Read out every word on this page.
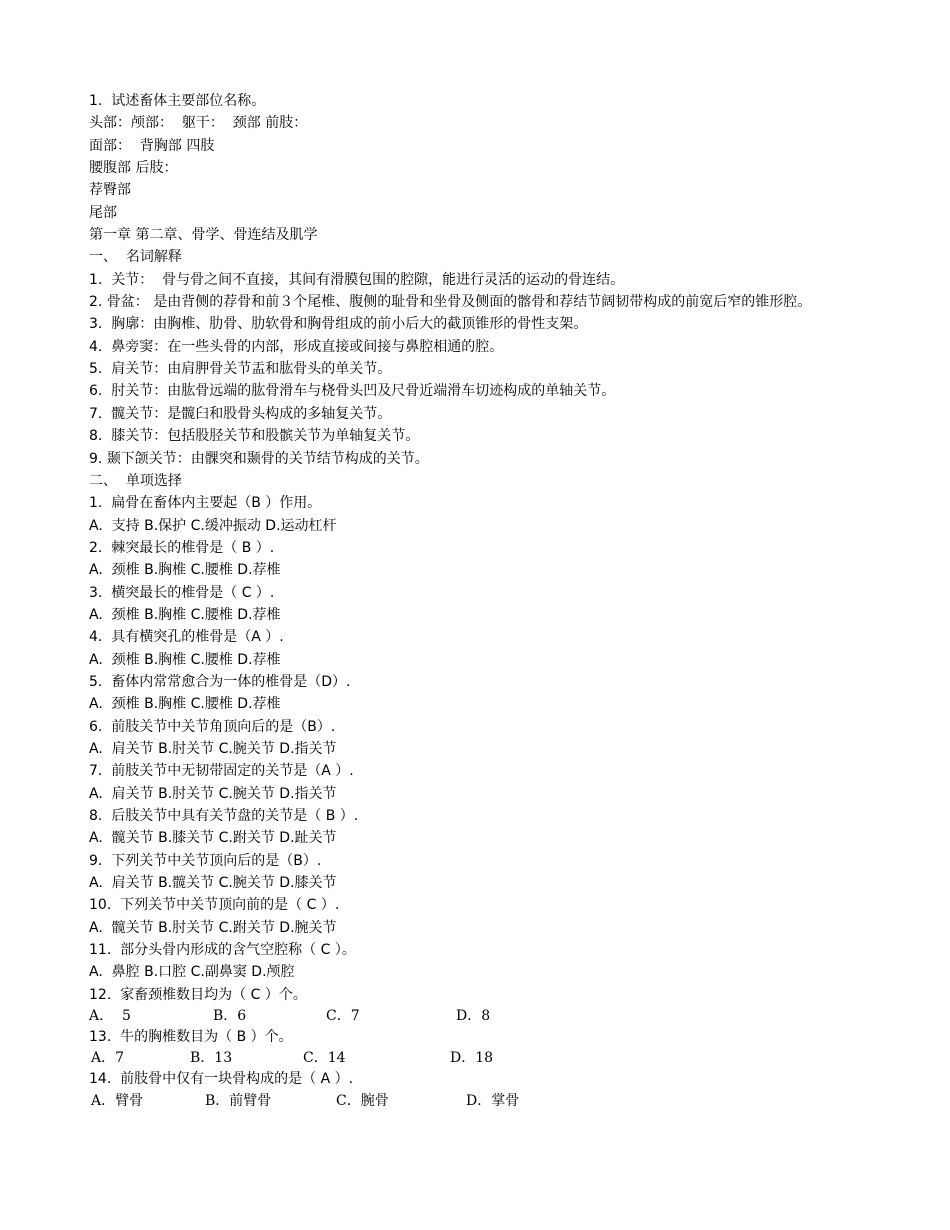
1.  试述畜体主要部位名称。
头部：颅部：  躯干：  颈部 前肢：
面部：  背胸部 四肢
腰腹部 后肢：
荐臀部
尾部
第一章 第二章、骨学、骨连结及肌学
一、  名词解释
1.  关节：  骨与骨之间不直接，其间有滑膜包围的腔隙，能进行灵活的运动的骨连结。
2. 骨盆： 是由背侧的荐骨和前３个尾椎、腹侧的耻骨和坐骨及侧面的髂骨和荐结节阔韧带构成的前宽后窄的锥形腔。
3.  胸廓：由胸椎、肋骨、肋软骨和胸骨组成的前小后大的截顶锥形的骨性支架。
4.  鼻旁窦：在一些头骨的内部，形成直接或间接与鼻腔相通的腔。
5.  肩关节：由肩胛骨关节盂和肱骨头的单关节。
6.  肘关节：由肱骨远端的肱骨滑车与桡骨头凹及尺骨近端滑车切迹构成的单轴关节。
7.  髋关节：是髋臼和股骨头构成的多轴复关节。
8.  膝关节：包括股胫关节和股髌关节为单轴复关节。
9. 颞下颌关节：由髁突和颞骨的关节结节构成的关节。
二、  单项选择
1.  扁骨在畜体内主要起（B ）作用。
A.  支持 B.保护 C.缓冲振动 D.运动杠杆
2.  棘突最长的椎骨是（ B ）.
A.  颈椎 B.胸椎 C.腰椎 D.荐椎
3.  横突最长的椎骨是（ C ）.
A.  颈椎 B.胸椎 C.腰椎 D.荐椎
4.  具有横突孔的椎骨是（A ）.
A.  颈椎 B.胸椎 C.腰椎 D.荐椎
5.  畜体内常常愈合为一体的椎骨是（D）.
A.  颈椎 B.胸椎 C.腰椎 D.荐椎
6.  前肢关节中关节角顶向后的是（B）.
A.  肩关节 B.肘关节 C.腕关节 D.指关节
7.  前肢关节中无韧带固定的关节是（A ）.
A.  肩关节 B.肘关节 C.腕关节 D.指关节
8.  后肢关节中具有关节盘的关节是（ B ）.
A.  髋关节 B.膝关节 C.跗关节 D.趾关节
9.  下列关节中关节顶向后的是（B）.
A.  肩关节 B.髋关节 C.腕关节 D.膝关节
10.  下列关节中关节顶向前的是（ C ）.
A.  髋关节 B.肘关节 C.跗关节 D.腕关节
11.  部分头骨内形成的含气空腔称（ C ）。
A.  鼻腔 B.口腔 C.副鼻窦 D.颅腔
12.  家畜颈椎数目均为（ C ）个。
A．  5	B．6	C．7	D．8
13.  牛的胸椎数目为（ B ）个。
A．7	B．13	C．14	D．18
14.  前肢骨中仅有一块骨构成的是（ A ）.
A．臂骨	B．前臂骨	C．腕骨	D．掌骨
